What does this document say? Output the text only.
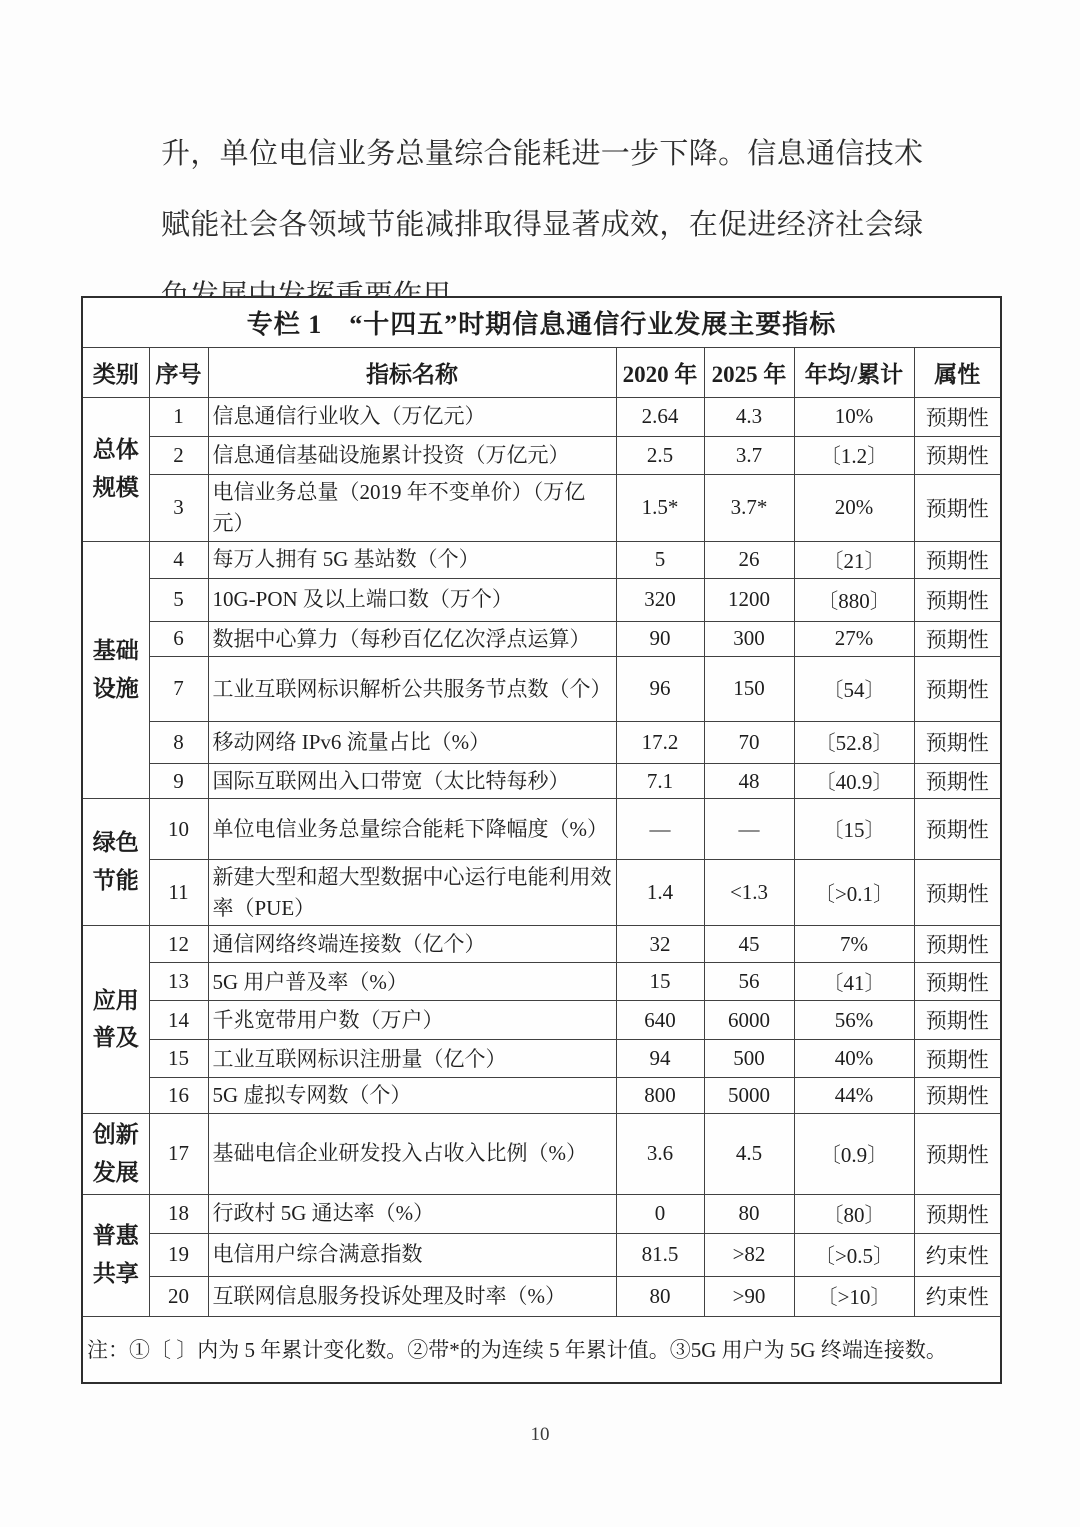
升，单位电信业务总量综合能耗进一步下降。信息通信技术
赋能社会各领域节能减排取得显著成效，在促进经济社会绿
专栏 1　“十四五”时期信息通信行业发展主要指标						
类别	序号	指标名称	2020 年	2025 年	年均/累计	属性
总体规模	1	信息通信行业收入（万亿元）	2.64	4.3	10%	预期性
	2	信息通信基础设施累计投资（万亿元）	2.5	3.7	〔1.2〕	预期性
	3	电信业务总量（2019 年不变单价）（万亿元）	1.5*	3.7*	20%	预期性
基础设施	4	每万人拥有 5G 基站数（个）	5	26	〔21〕	预期性
	5	10G-PON 及以上端口数（万个）	320	1200	〔880〕	预期性
	6	数据中心算力（每秒百亿亿次浮点运算）	90	300	27%	预期性
	7	工业互联网标识解析公共服务节点数（个）	96	150	〔54〕	预期性
	8	移动网络 IPv6 流量占比（%）	17.2	70	〔52.8〕	预期性
	9	国际互联网出入口带宽（太比特每秒）	7.1	48	〔40.9〕	预期性
绿色节能	10	单位电信业务总量综合能耗下降幅度（%）	—	—	〔15〕	预期性
	11	新建大型和超大型数据中心运行电能利用效率（PUE）	1.4	<1.3	〔>0.1〕	预期性
应用普及	12	通信网络终端连接数（亿个）	32	45	7%	预期性
	13	5G 用户普及率（%）	15	56	〔41〕	预期性
	14	千兆宽带用户数（万户）	640	6000	56%	预期性
	15	工业互联网标识注册量（亿个）	94	500	40%	预期性
	16	5G 虚拟专网数（个）	800	5000	44%	预期性
创新发展	17	基础电信企业研发投入占收入比例（%）	3.6	4.5	〔0.9〕	预期性
普惠共享	18	行政村 5G 通达率（%）	0	80	〔80〕	预期性
	19	电信用户综合满意指数	81.5	>82	〔>0.5〕	约束性
	20	互联网信息服务投诉处理及时率（%）	80	>90	〔>10〕	约束性
注：①〔 〕内为 5 年累计变化数。②带*的为连续 5 年累计值。③5G 用户为 5G 终端连接数。						
10
